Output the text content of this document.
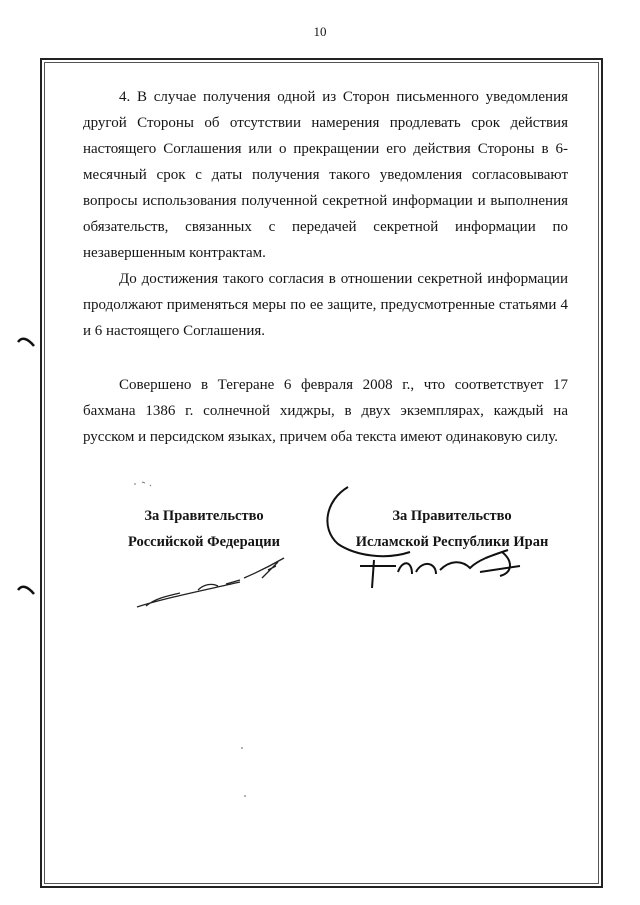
10

4. В случае получения одной из Сторон письменного уведомления другой Стороны об отсутствии намерения продлевать срок действия настоящего Соглашения или о прекращении его действия Стороны в 6-месячный срок с даты получения такого уведомления согласовывают вопросы использования полученной секретной информации и выполнения обязательств, связанных с передачей секретной информации по незавершенным контрактам.

До достижения такого согласия в отношении секретной информации продолжают применяться меры по ее защите, предусмотренные статьями 4 и 6 настоящего Соглашения.

Совершено в Тегеране 6 февраля 2008 г., что соответствует 17 бахмана 1386 г. солнечной хиджры, в двух экземплярах, каждый на русском и персидском языках, причем оба текста имеют одинаковую силу.

За Правительство
Российской Федерации
За Правительство
Исламской Республики Иран
